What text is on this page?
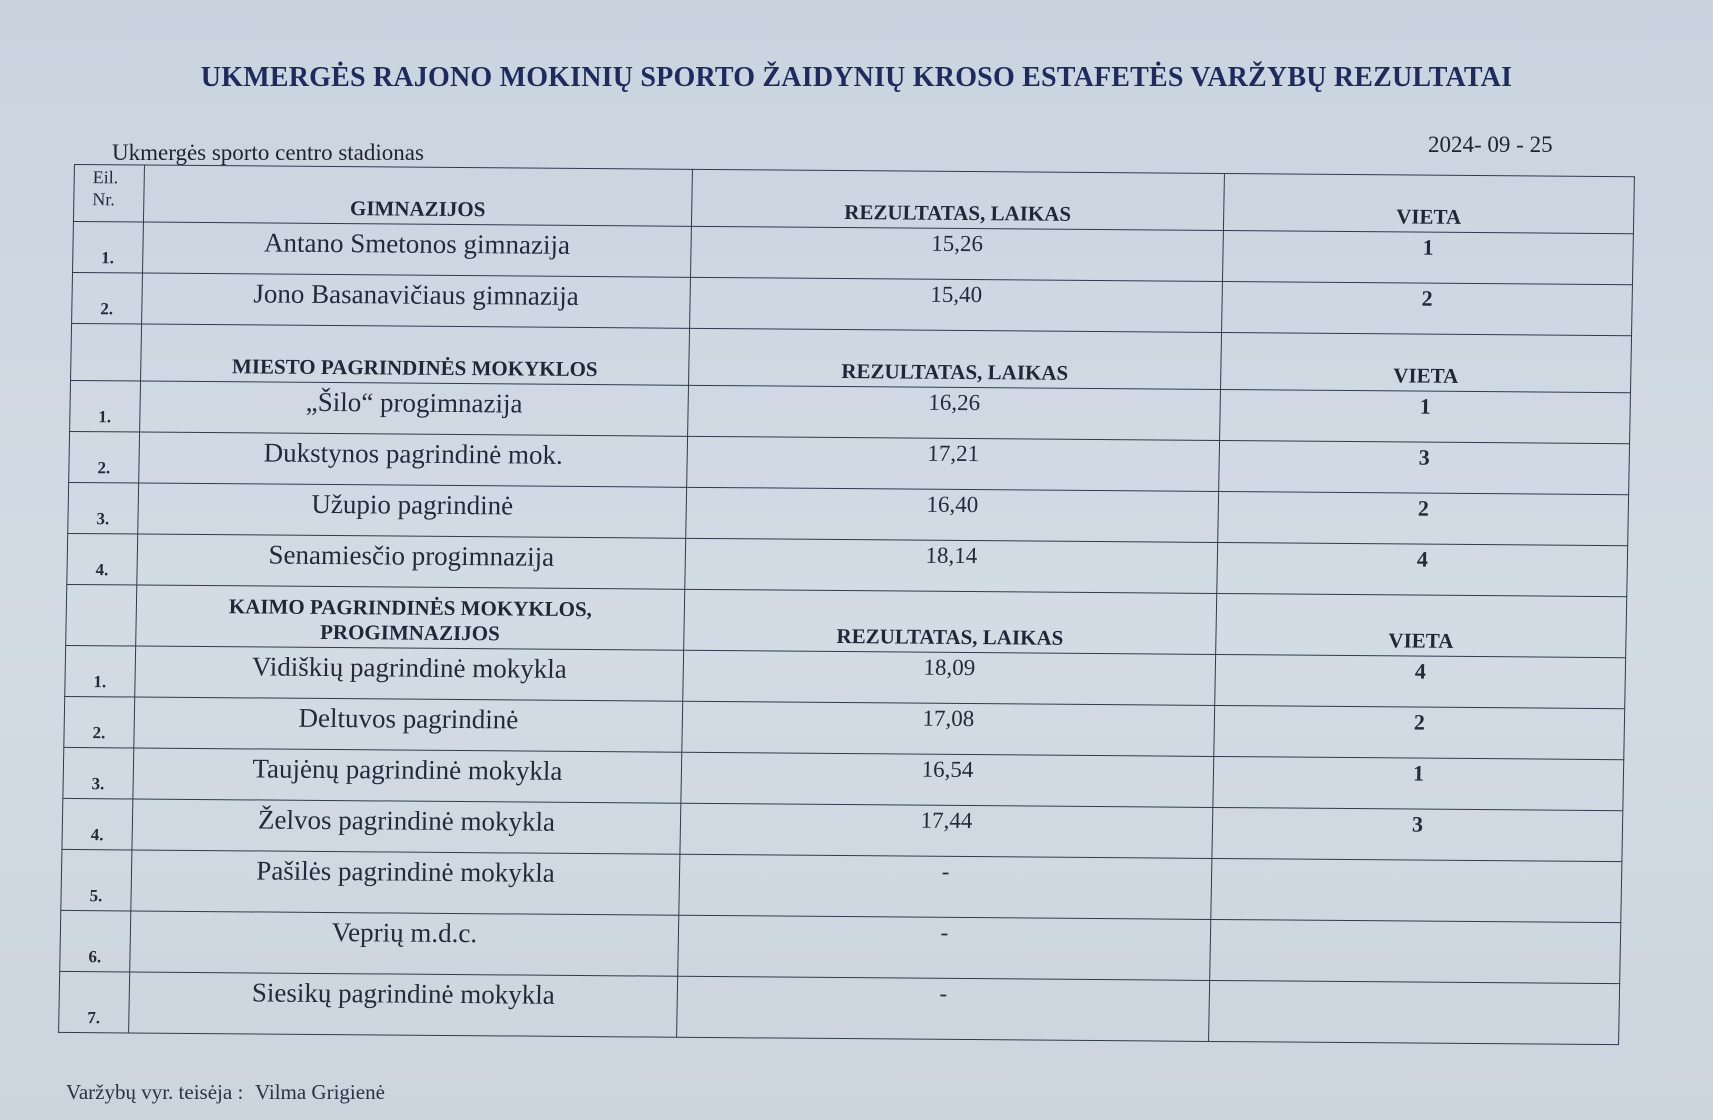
UKMERGĖS RAJONO MOKINIŲ SPORTO ŽAIDYNIŲ KROSO ESTAFETĖS VARŽYBŲ REZULTATAI
Ukmergės sporto centro stadionas	2024- 09 - 25
Eil.
Nr.	GIMNAZIJOS	REZULTATAS, LAIKAS	VIETA

1.	Antano Smetonos gimnazija	15,26	1

2.	Jono Basanavičiaus gimnazija	15,40	2

	MIESTO PAGRINDINĖS MOKYKLOS	REZULTATAS, LAIKAS	VIETA

1.	„Šilo“ progimnazija	16,26	1

2.	Dukstynos pagrindinė mok.	17,21	3

3.	Užupio pagrindinė	16,40	2

4.	Senamiesčio progimnazija	18,14	4

	KAIMO PAGRINDINĖS MOKYKLOS,
PROGIMNAZIJOS	REZULTATAS, LAIKAS	VIETA

1.	Vidiškių pagrindinė mokykla	18,09	4

2.	Deltuvos pagrindinė	17,08	2

3.	Taujėnų pagrindinė mokykla	16,54	1

4.	Želvos pagrindinė mokykla	17,44	3

5.	Pašilės pagrindinė mokykla	-	

6.	Veprių m.d.c.	-	

7.	Siesikų pagrindinė mokykla	-	

Varžybų vyr. teisėja : Vilma Grigienė
